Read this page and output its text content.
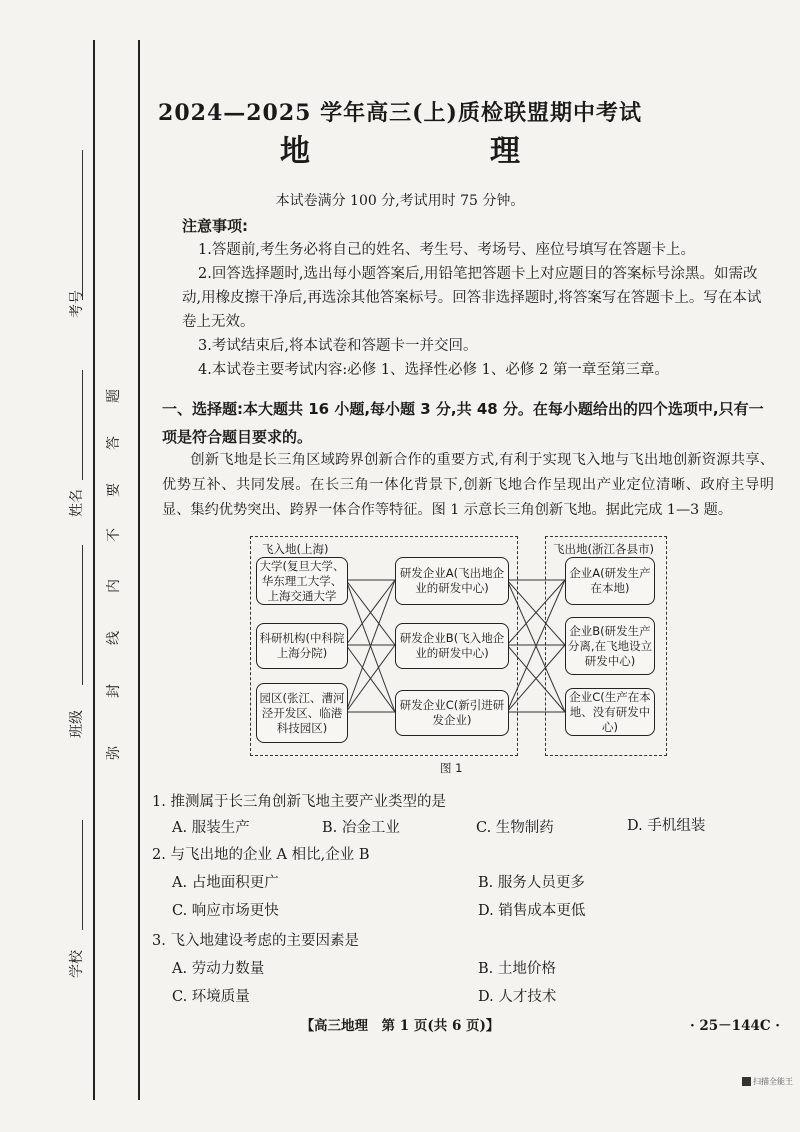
考号
姓名
班级
学校
弥
封
线
内
不
要
答
题
2024—2025 学年高三(上)质检联盟期中考试
地　　理
本试卷满分 100 分,考试用时 75 分钟。
注意事项:
1.答题前,考生务必将自己的姓名、考生号、考场号、座位号填写在答题卡上。
2.回答选择题时,选出每小题答案后,用铅笔把答题卡上对应题目的答案标号涂黑。如需改动,用橡皮擦干净后,再选涂其他答案标号。回答非选择题时,将答案写在答题卡上。写在本试卷上无效。
3.考试结束后,将本试卷和答题卡一并交回。
4.本试卷主要考试内容:必修 1、选择性必修 1、必修 2 第一章至第三章。
一、选择题:本大题共 16 小题,每小题 3 分,共 48 分。在每小题给出的四个选项中,只有一项是符合题目要求的。
创新飞地是长三角区域跨界创新合作的重要方式,有利于实现飞入地与飞出地创新资源共享、优势互补、共同发展。在长三角一体化背景下,创新飞地合作呈现出产业定位清晰、政府主导明显、集约优势突出、跨界一体合作等特征。图 1 示意长三角创新飞地。据此完成 1—3 题。
飞入地(上海)	飞出地(浙江各县市)
大学(复旦大学、华东理工大学、上海交通大学
科研机构(中科院上海分院)
园区(张江、漕河泾开发区、临港科技园区)
研发企业A(飞出地企业的研发中心)
研发企业B(飞入地企业的研发中心)
研发企业C(新引进研发企业)
企业A(研发生产在本地)
企业B(研发生产分离,在飞地设立研发中心)
企业C(生产在本地、没有研发中心)
图 1
1. 推测属于长三角创新飞地主要产业类型的是
A. 服装生产	B. 冶金工业	C. 生物制药	D. 手机组装
2. 与飞出地的企业 A 相比,企业 B
A. 占地面积更广	B. 服务人员更多
C. 响应市场更快	D. 销售成本更低
3. 飞入地建设考虑的主要因素是
A. 劳动力数量	B. 土地价格
C. 环境质量	D. 人才技术
【高三地理　第 1 页(共 6 页)】	· 25－144C ·
扫描全能王
